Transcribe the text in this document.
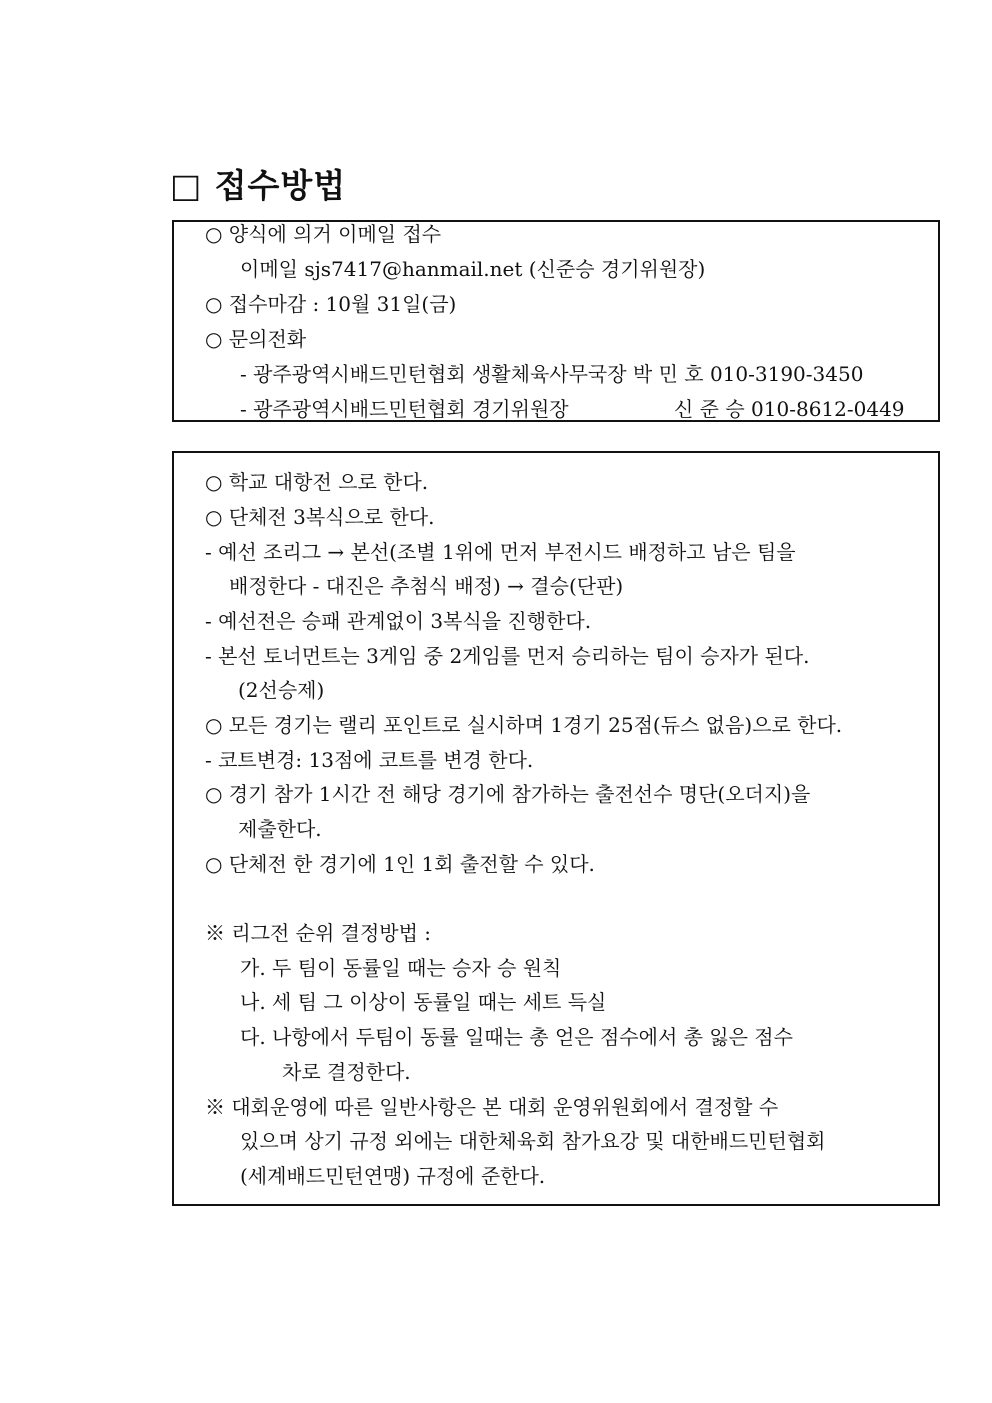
□ 접수방법
○ 양식에 의거 이메일 접수
이메일 sjs7417@hanmail.net (신준승 경기위원장)
○ 접수마감 : 10월 31일(금)
○ 문의전화
- 광주광역시배드민턴협회 생활체육사무국장 박 민 호 010-3190-3450
- 광주광역시배드민턴협회 경기위원장	신 준 승 010-8612-0449
○ 학교 대항전 으로 한다.
○ 단체전 3복식으로 한다.
- 예선 조리그 → 본선(조별 1위에 먼저 부전시드 배정하고 남은 팀을
배정한다 - 대진은 추첨식 배정) → 결승(단판)
- 예선전은 승패 관계없이 3복식을 진행한다.
- 본선 토너먼트는 3게임 중 2게임를 먼저 승리하는 팀이 승자가 된다.
(2선승제)
○ 모든 경기는 랠리 포인트로 실시하며 1경기 25점(듀스 없음)으로 한다.
- 코트변경: 13점에 코트를 변경 한다.
○ 경기 참가 1시간 전 해당 경기에 참가하는 출전선수 명단(오더지)을
제출한다.
○ 단체전 한 경기에 1인 1회 출전할 수 있다.
※ 리그전 순위 결정방법 :
가. 두 팀이 동률일 때는 승자 승 원칙
나. 세 팀 그 이상이 동률일 때는 세트 득실
다. 나항에서 두팀이 동률 일때는 총 얻은 점수에서 총 잃은 점수
차로 결정한다.
※ 대회운영에 따른 일반사항은 본 대회 운영위원회에서 결정할 수
있으며 상기 규정 외에는 대한체육회 참가요강 및 대한배드민턴협회
(세계배드민턴연맹) 규정에 준한다.
